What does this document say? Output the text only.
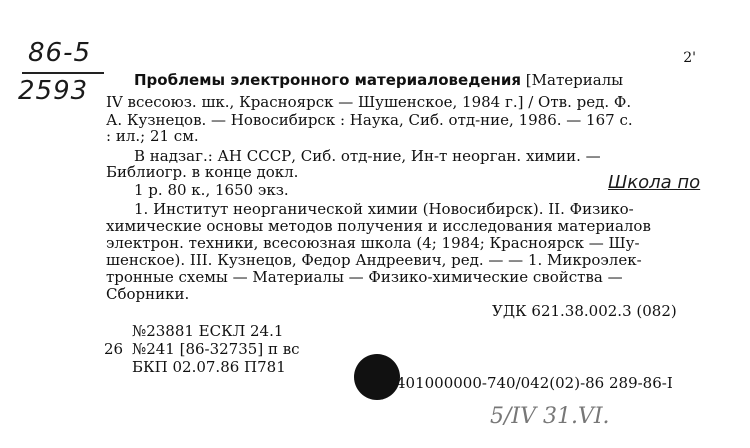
86-5
2593
2'
Проблемы электронного материаловедения [Материалы
IV всесоюз. шк., Красноярск — Шушенское, 1984 г.] / Отв. ред. Ф.
А. Кузнецов. — Новосибирск : Наука, Сиб. отд-ние, 1986. — 167 с.
: ил.; 21 см.
В надзаг.: АН СССР, Сиб. отд-ние, Ин-т неорган. химии. —
Библиогр. в конце докл.	Школа по
1 р. 80 к., 1650 экз.
1. Институт неорганической химии (Новосибирск). II. Физико-
химические основы методов получения и исследования материалов
электрон. техники, всесоюзная школа (4; 1984; Красноярск — Шу-
шенское). III. Кузнецов, Федор Андреевич, ред. — — 1. Микроэлек-
тронные схемы — Материалы — Физико-химические свойства —
Сборники.
УДК 621.38.002.3 (082)
№23881 ЕСКЛ 24.1
26 №241 [86-32735] п вс
БКП 02.07.86 П781
401000000-740/042(02)-86 289-86-I
5/IV 31.VI.
